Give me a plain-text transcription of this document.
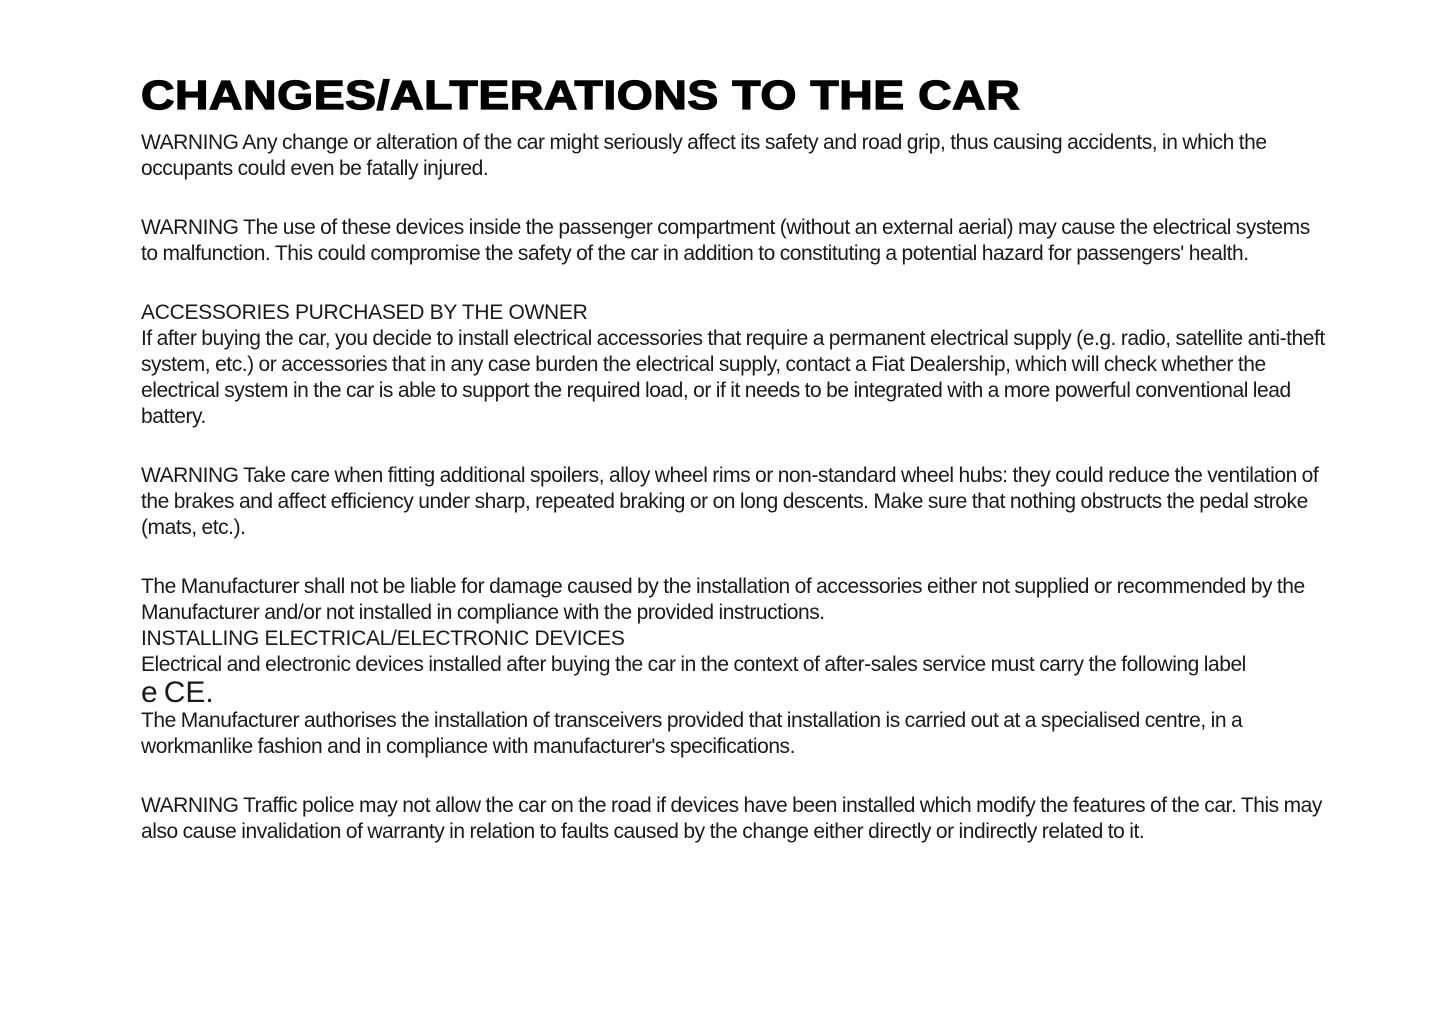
CHANGES/ALTERATIONS TO THE CAR

WARNING Any change or alteration of the car might seriously affect its safety and road grip, thus causing accidents, in which the occupants could even be fatally injured.

WARNING The use of these devices inside the passenger compartment (without an external aerial) may cause the electrical systems to malfunction. This could compromise the safety of the car in addition to constituting a potential hazard for passengers' health.

ACCESSORIES PURCHASED BY THE OWNER

If after buying the car, you decide to install electrical accessories that require a permanent electrical supply (e.g. radio, satellite anti-theft system, etc.) or accessories that in any case burden the electrical supply, contact a Fiat Dealership, which will check whether the electrical system in the car is able to support the required load, or if it needs to be integrated with a more powerful conventional lead battery.

WARNING Take care when fitting additional spoilers, alloy wheel rims or non-standard wheel hubs: they could reduce the ventilation of the brakes and affect efficiency under sharp, repeated braking or on long descents. Make sure that nothing obstructs the pedal stroke (mats, etc.).

The Manufacturer shall not be liable for damage caused by the installation of accessories either not supplied or recommended by the Manufacturer and/or not installed in compliance with the provided instructions.

INSTALLING ELECTRICAL/ELECTRONIC DEVICES

Electrical and electronic devices installed after buying the car in the context of after-sales service must carry the following label

e CE.

The Manufacturer authorises the installation of transceivers provided that installation is carried out at a specialised centre, in a workmanlike fashion and in compliance with manufacturer's specifications.

WARNING Traffic police may not allow the car on the road if devices have been installed which modify the features of the car. This may also cause invalidation of warranty in relation to faults caused by the change either directly or indirectly related to it.
